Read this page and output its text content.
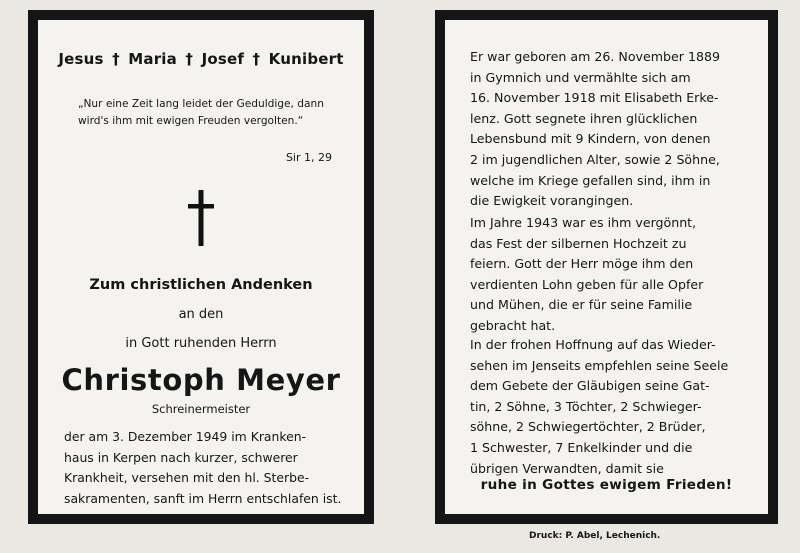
Jesus † Maria † Josef † Kunibert
„Nur eine Zeit lang leidet der Geduldige, dann wird's ihm mit ewigen Freuden vergolten.“
Sir 1, 29
Zum christlichen Andenken
an den
in Gott ruhenden Herrn
Christoph Meyer
Schreinermeister
der am 3. Dezember 1949 im Kranken-
haus in Kerpen nach kurzer, schwerer
Krankheit, versehen mit den hl. Sterbe-
sakramenten, sanft im Herrn entschlafen ist.
Er war geboren am 26. November 1889
in Gymnich und vermählte sich am
16. November 1918 mit Elisabeth Erke-
lenz. Gott segnete ihren glücklichen
Lebensbund mit 9 Kindern, von denen
2 im jugendlichen Alter, sowie 2 Söhne,
welche im Kriege gefallen sind, ihm in
die Ewigkeit vorangingen.
Im Jahre 1943 war es ihm vergönnt,
das Fest der silbernen Hochzeit zu
feiern. Gott der Herr möge ihm den
verdienten Lohn geben für alle Opfer
und Mühen, die er für seine Familie
gebracht hat.
In der frohen Hoffnung auf das Wieder-
sehen im Jenseits empfehlen seine Seele
dem Gebete der Gläubigen seine Gat-
tin, 2 Söhne, 3 Töchter, 2 Schwieger-
söhne, 2 Schwiegertöchter, 2 Brüder,
1 Schwester, 7 Enkelkinder und die
übrigen Verwandten, damit sie
ruhe in Gottes ewigem Frieden!
Druck: P. Abel, Lechenich.
